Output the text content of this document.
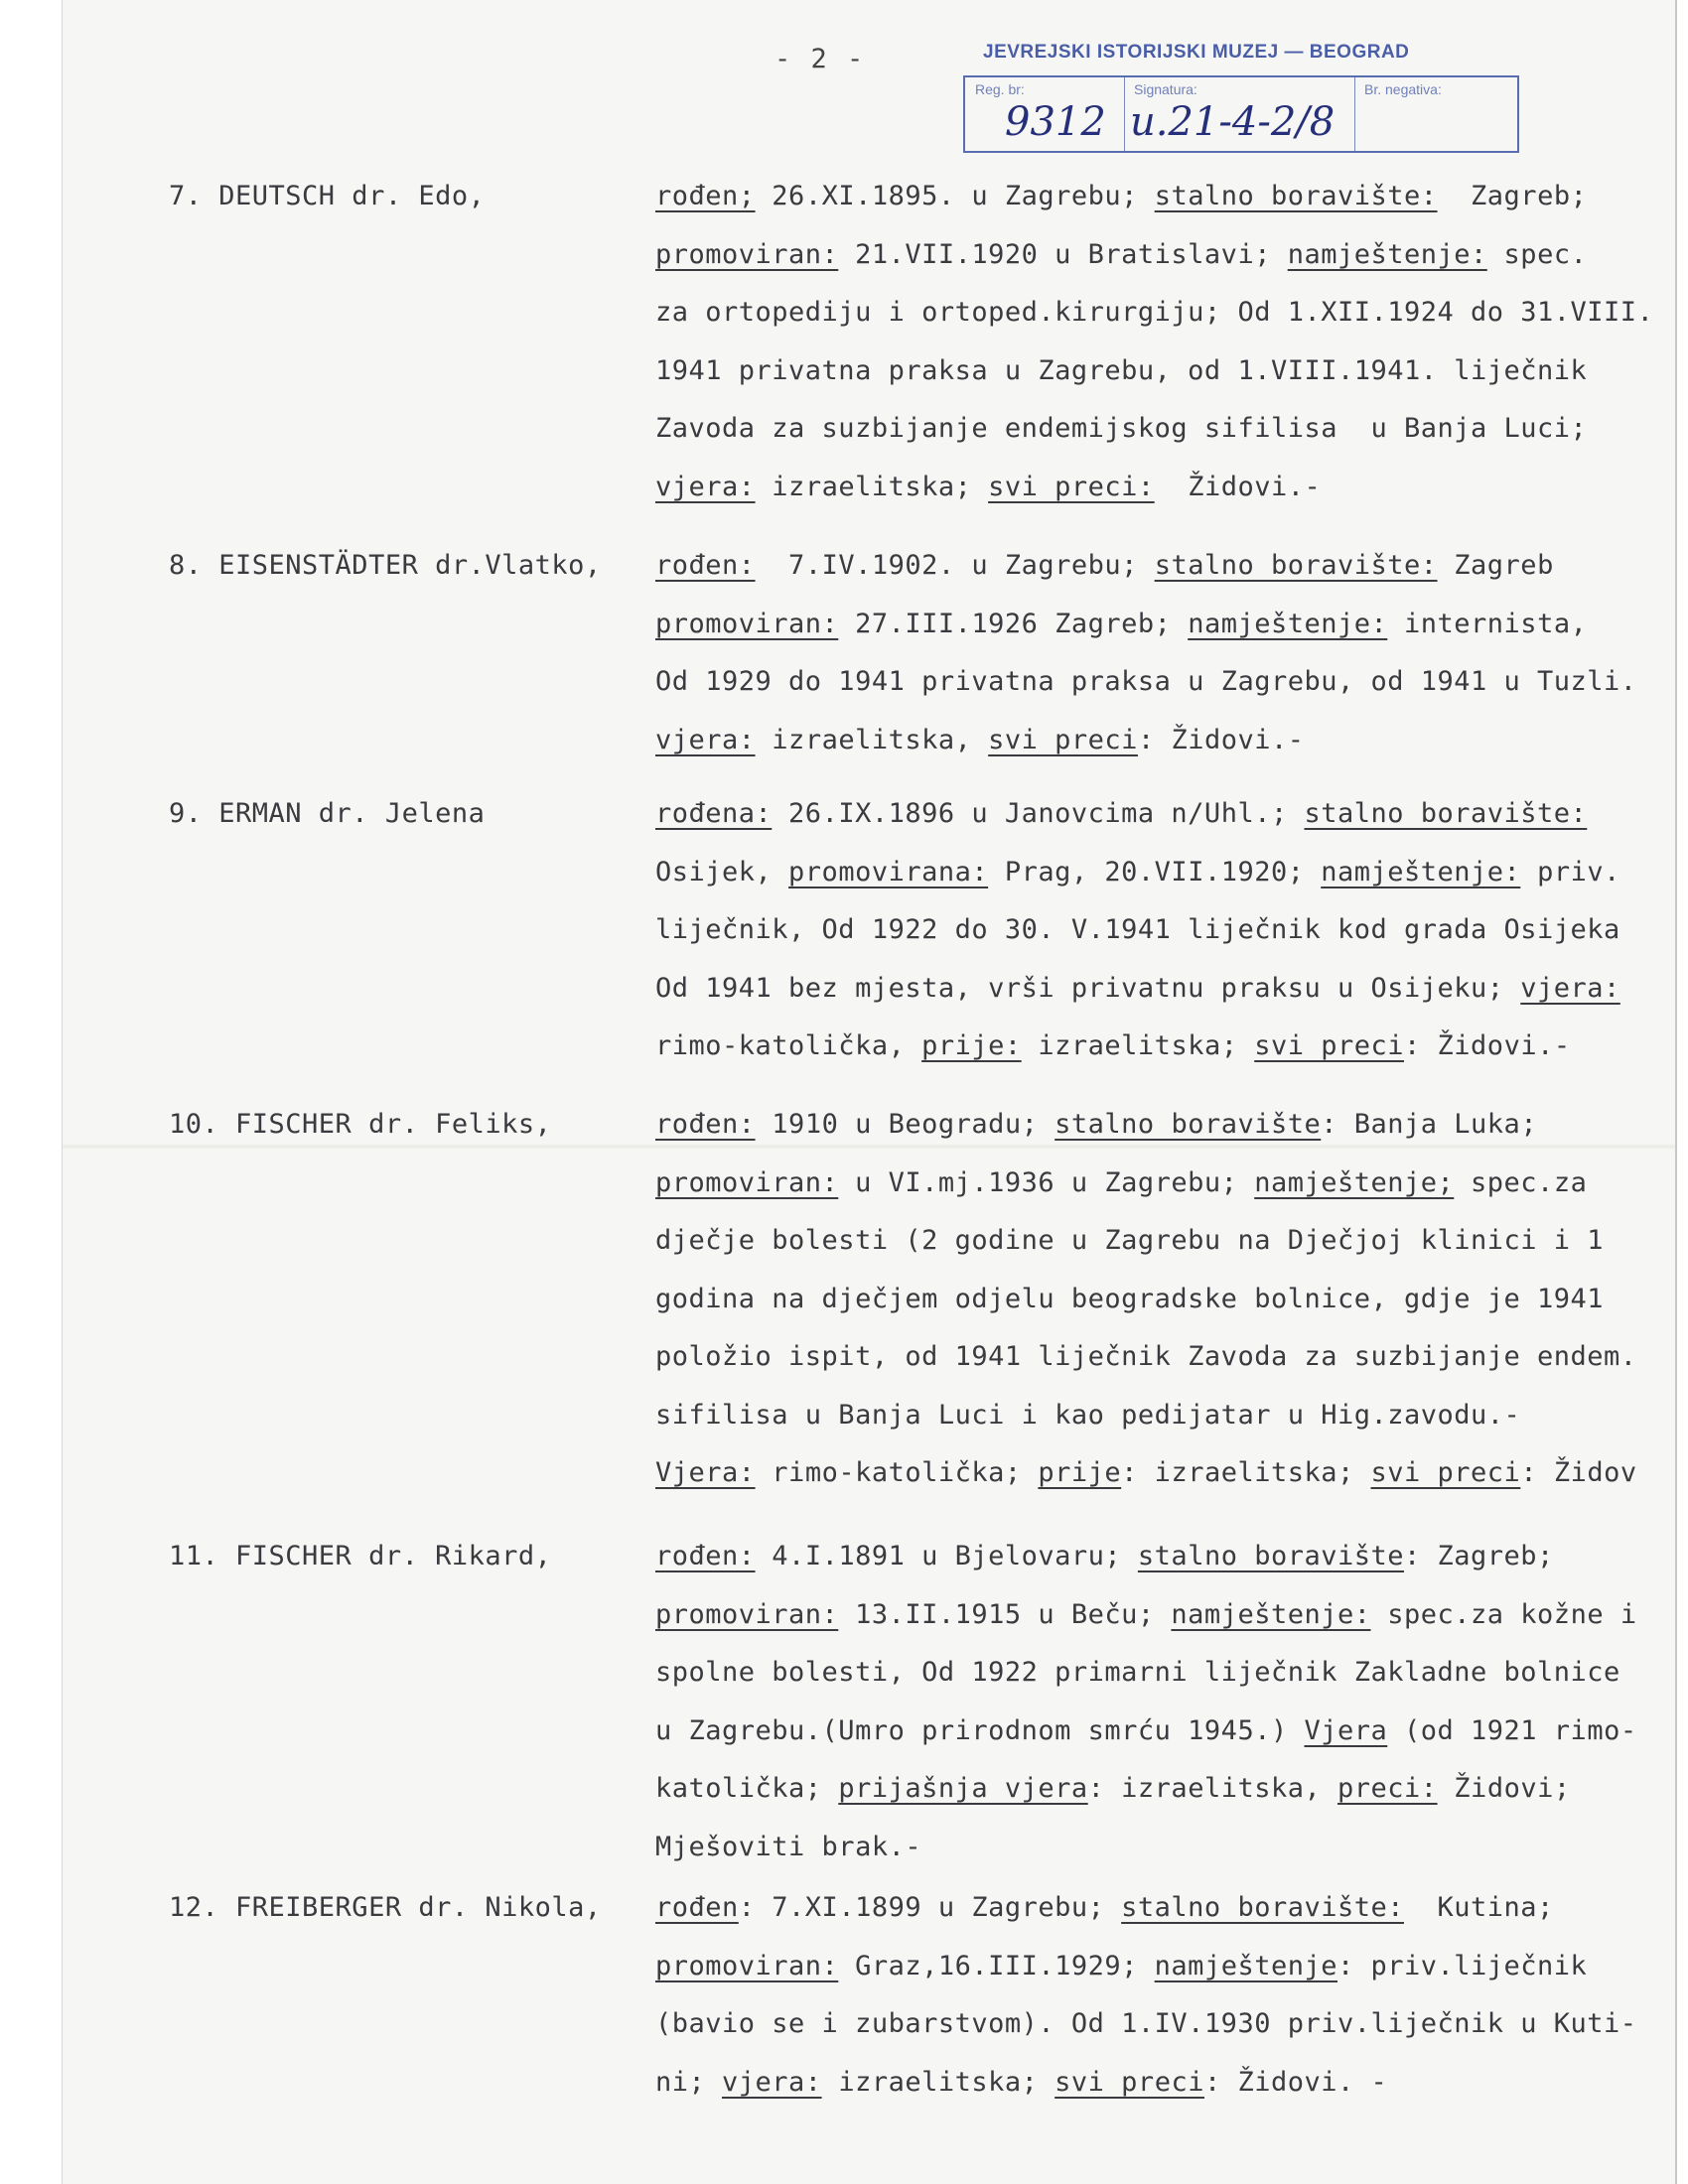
- 2 -	JEVREJSKI ISTORIJSKI MUZEJ — BEOGRAD
Reg. br:
9312
Signatura:
u.21-4-2/8
Br. negativa:
7. DEUTSCH dr. Edo,	rođen; 26.XI.1895. u Zagrebu; stalno boravište:  Zagreb;
promoviran: 21.VII.1920 u Bratislavi; namještenje: spec.
za ortopediju i ortoped.kirurgiju; Od 1.XII.1924 do 31.VIII.
1941 privatna praksa u Zagrebu, od 1.VIII.1941. liječnik
Zavoda za suzbijanje endemijskog sifilisa  u Banja Luci;
vjera: izraelitska; svi preci:  Židovi.-
8. EISENSTÄDTER dr.Vlatko, rođen:  7.IV.1902. u Zagrebu; stalno boravište: Zagreb
promoviran: 27.III.1926 Zagreb; namještenje: internista,
Od 1929 do 1941 privatna praksa u Zagrebu, od 1941 u Tuzli.
vjera: izraelitska, svi preci: Židovi.-
9. ERMAN dr. Jelena	rođena: 26.IX.1896 u Janovcima n/Uhl.; stalno boravište:
Osijek, promovirana: Prag, 20.VII.1920; namještenje: priv.
liječnik, Od 1922 do 30. V.1941 liječnik kod grada Osijeka
Od 1941 bez mjesta, vrši privatnu praksu u Osijeku; vjera:
rimo-katolička, prije: izraelitska; svi preci: Židovi.-
10. FISCHER dr. Feliks,	rođen: 1910 u Beogradu; stalno boravište: Banja Luka;
promoviran: u VI.mj.1936 u Zagrebu; namještenje; spec.za
dječje bolesti (2 godine u Zagrebu na Dječjoj klinici i 1
godina na dječjem odjelu beogradske bolnice, gdje je 1941
položio ispit, od 1941 liječnik Zavoda za suzbijanje endem.
sifilisa u Banja Luci i kao pedijatar u Hig.zavodu.-
Vjera: rimo-katolička; prije: izraelitska; svi preci: Židov
11. FISCHER dr. Rikard,	rođen: 4.I.1891 u Bjelovaru; stalno boravište: Zagreb;
promoviran: 13.II.1915 u Beču; namještenje: spec.za kožne i
spolne bolesti, Od 1922 primarni liječnik Zakladne bolnice
u Zagrebu.(Umro prirodnom smrću 1945.) Vjera (od 1921 rimo-
katolička; prijašnja vjera: izraelitska, preci: Židovi;
Mješoviti brak.-
12. FREIBERGER dr. Nikola, rođen: 7.XI.1899 u Zagrebu; stalno boravište:  Kutina;
promoviran: Graz,16.III.1929; namještenje: priv.liječnik
(bavio se i zubarstvom). Od 1.IV.1930 priv.liječnik u Kuti-
ni; vjera: izraelitska; svi preci: Židovi. -
